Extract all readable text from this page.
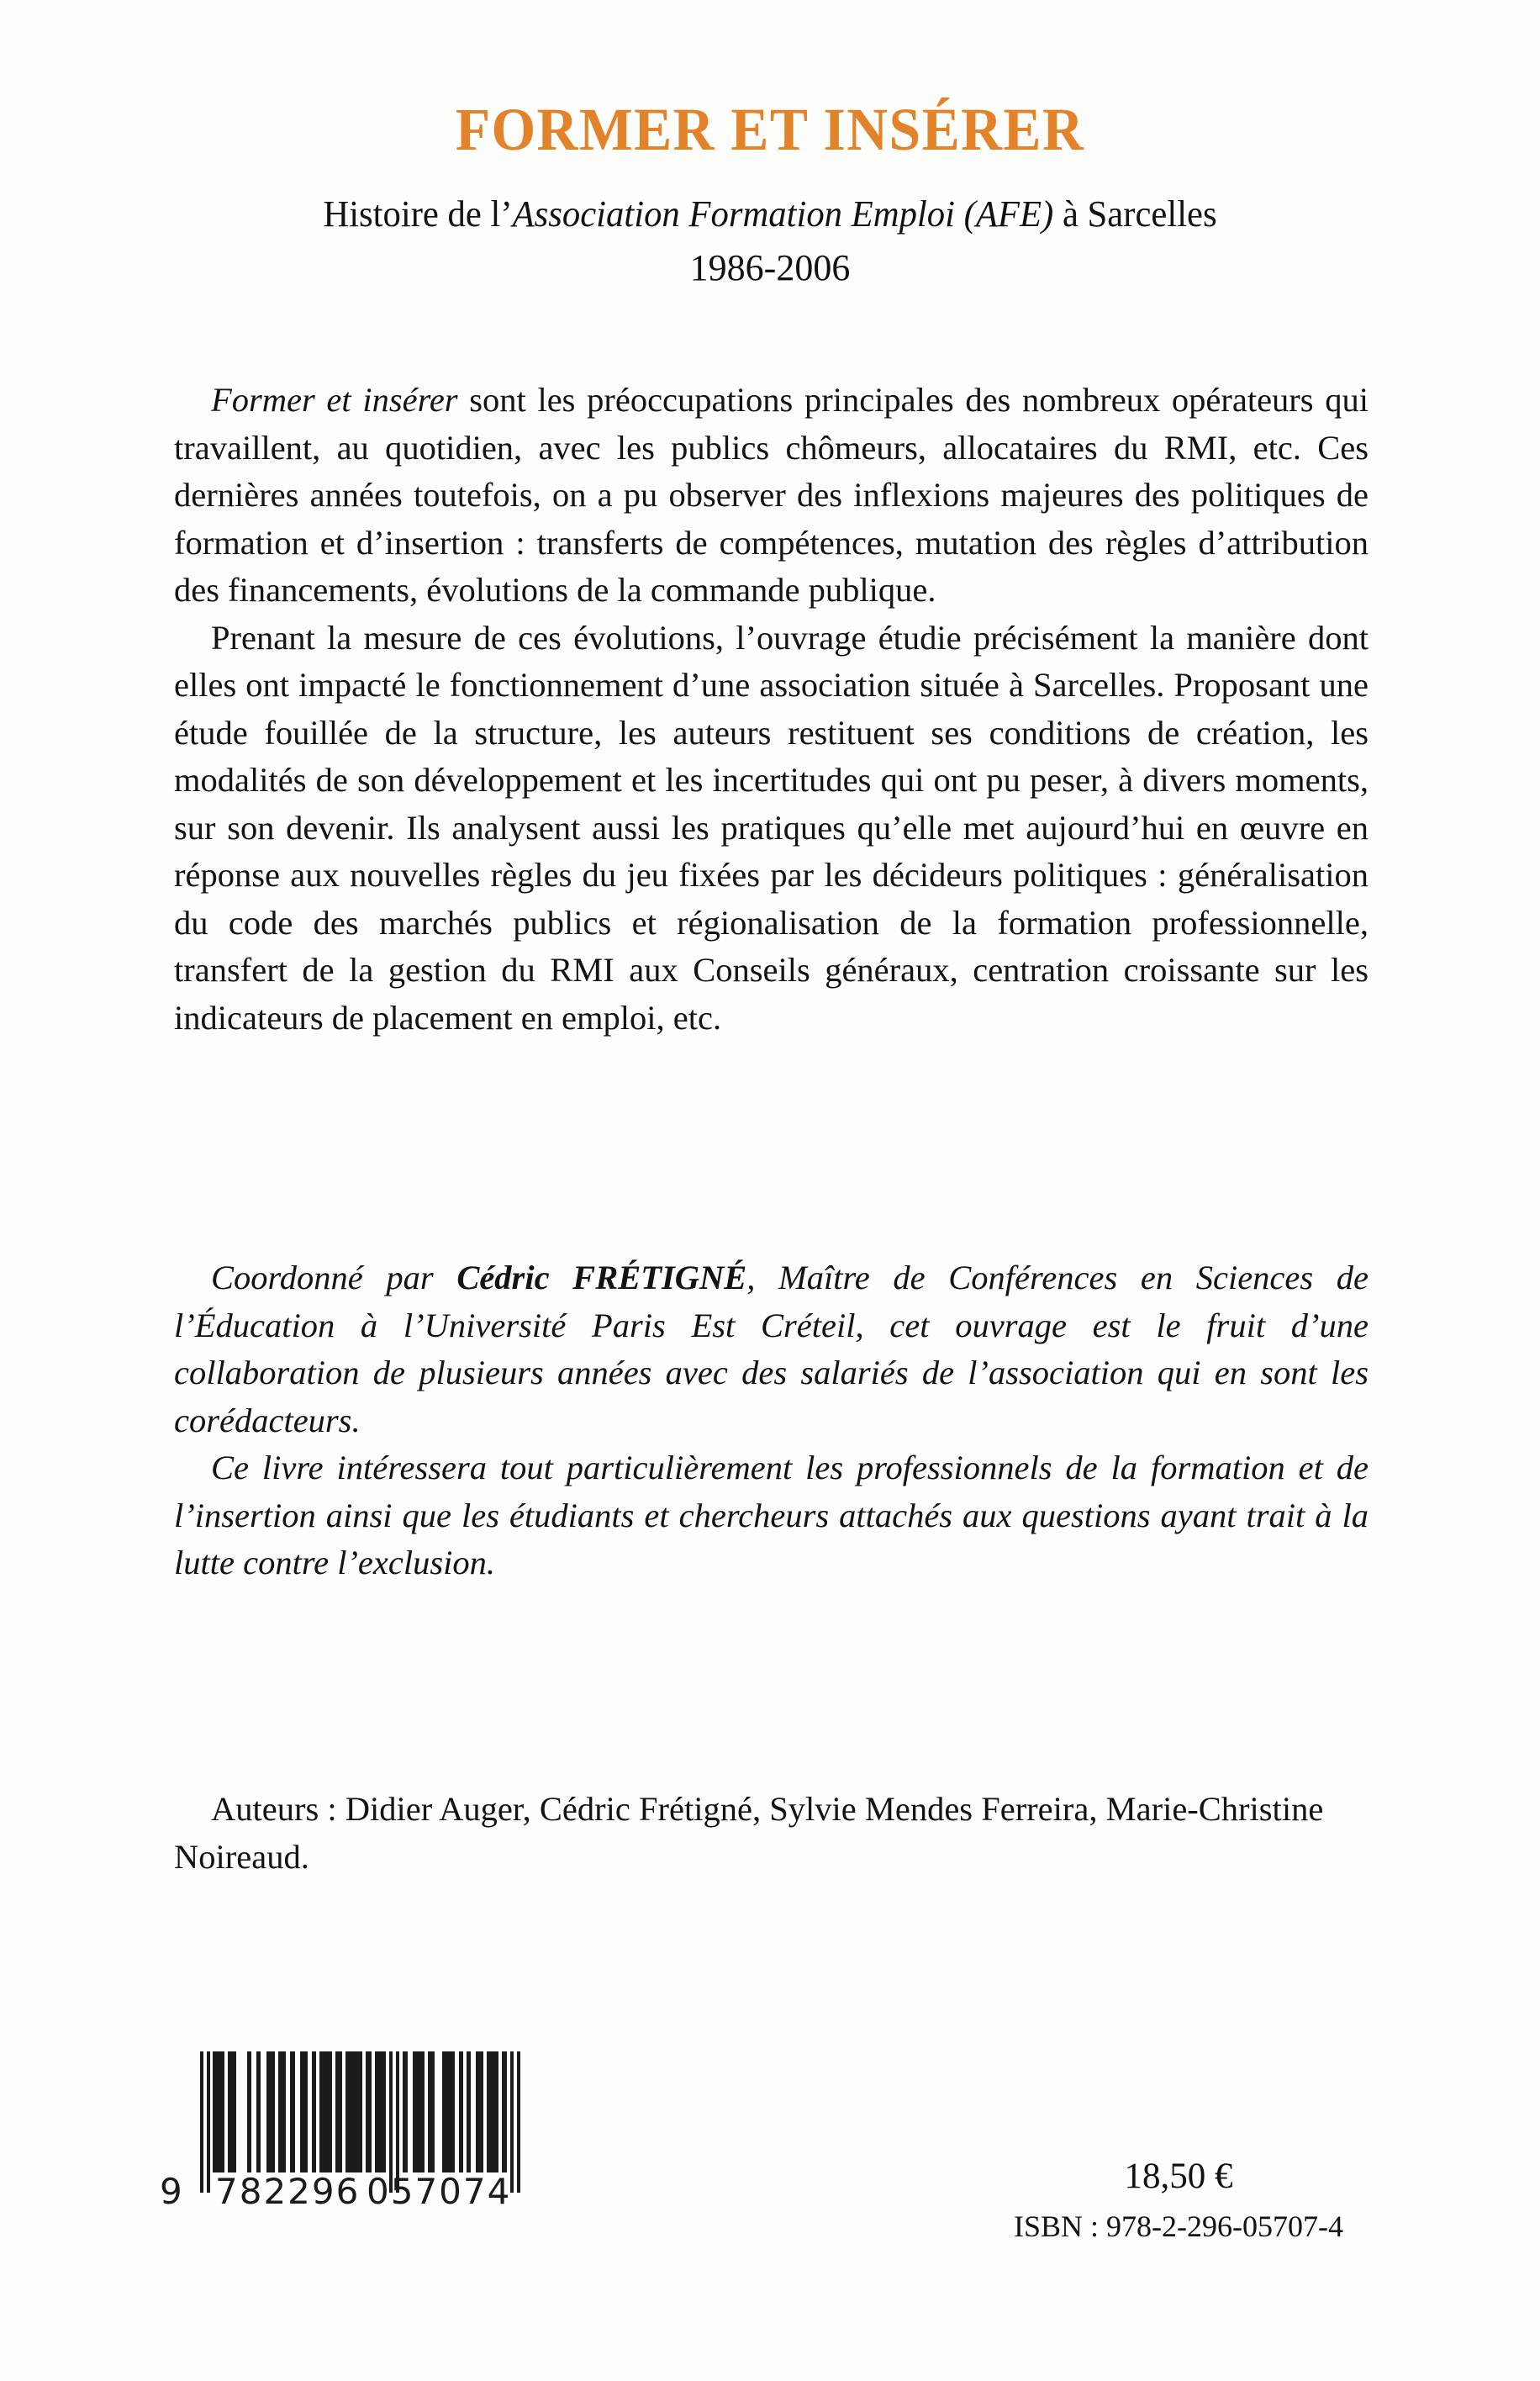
FORMER ET INSÉRER
Histoire de l’Association Formation Emploi (AFE) à Sarcelles
1986-2006

Former et insérer sont les préoccupations principales des nombreux opérateurs qui travaillent, au quotidien, avec les publics chômeurs, allocataires du RMI, etc. Ces dernières années toutefois, on a pu observer des inflexions majeures des politiques de formation et d’insertion : transferts de compétences, mutation des règles d’attribution des financements, évolutions de la commande publique.

Prenant la mesure de ces évolutions, l’ouvrage étudie précisément la manière dont elles ont impacté le fonctionnement d’une association située à Sarcelles. Proposant une étude fouillée de la structure, les auteurs restituent ses conditions de création, les modalités de son développement et les incertitudes qui ont pu peser, à divers moments, sur son devenir. Ils analysent aussi les pratiques qu’elle met aujourd’hui en œuvre en réponse aux nouvelles règles du jeu fixées par les décideurs politiques : généralisation du code des marchés publics et régionalisation de la formation professionnelle, transfert de la gestion du RMI aux Conseils généraux, centration croissante sur les indicateurs de placement en emploi, etc.

Coordonné par Cédric FRÉTIGNÉ, Maître de Conférences en Sciences de l’Éducation à l’Université Paris Est Créteil, cet ouvrage est le fruit d’une collaboration de plusieurs années avec des salariés de l’association qui en sont les corédacteurs.

Ce livre intéressera tout particulièrement les professionnels de la formation et de l’insertion ainsi que les étudiants et chercheurs attachés aux questions ayant trait à la lutte contre l’exclusion.

Auteurs : Didier Auger, Cédric Frétigné, Sylvie Mendes Ferreira, Marie-Christine Noireaud.

9 782296 057074	18,50 €
ISBN : 978-2-296-05707-4
